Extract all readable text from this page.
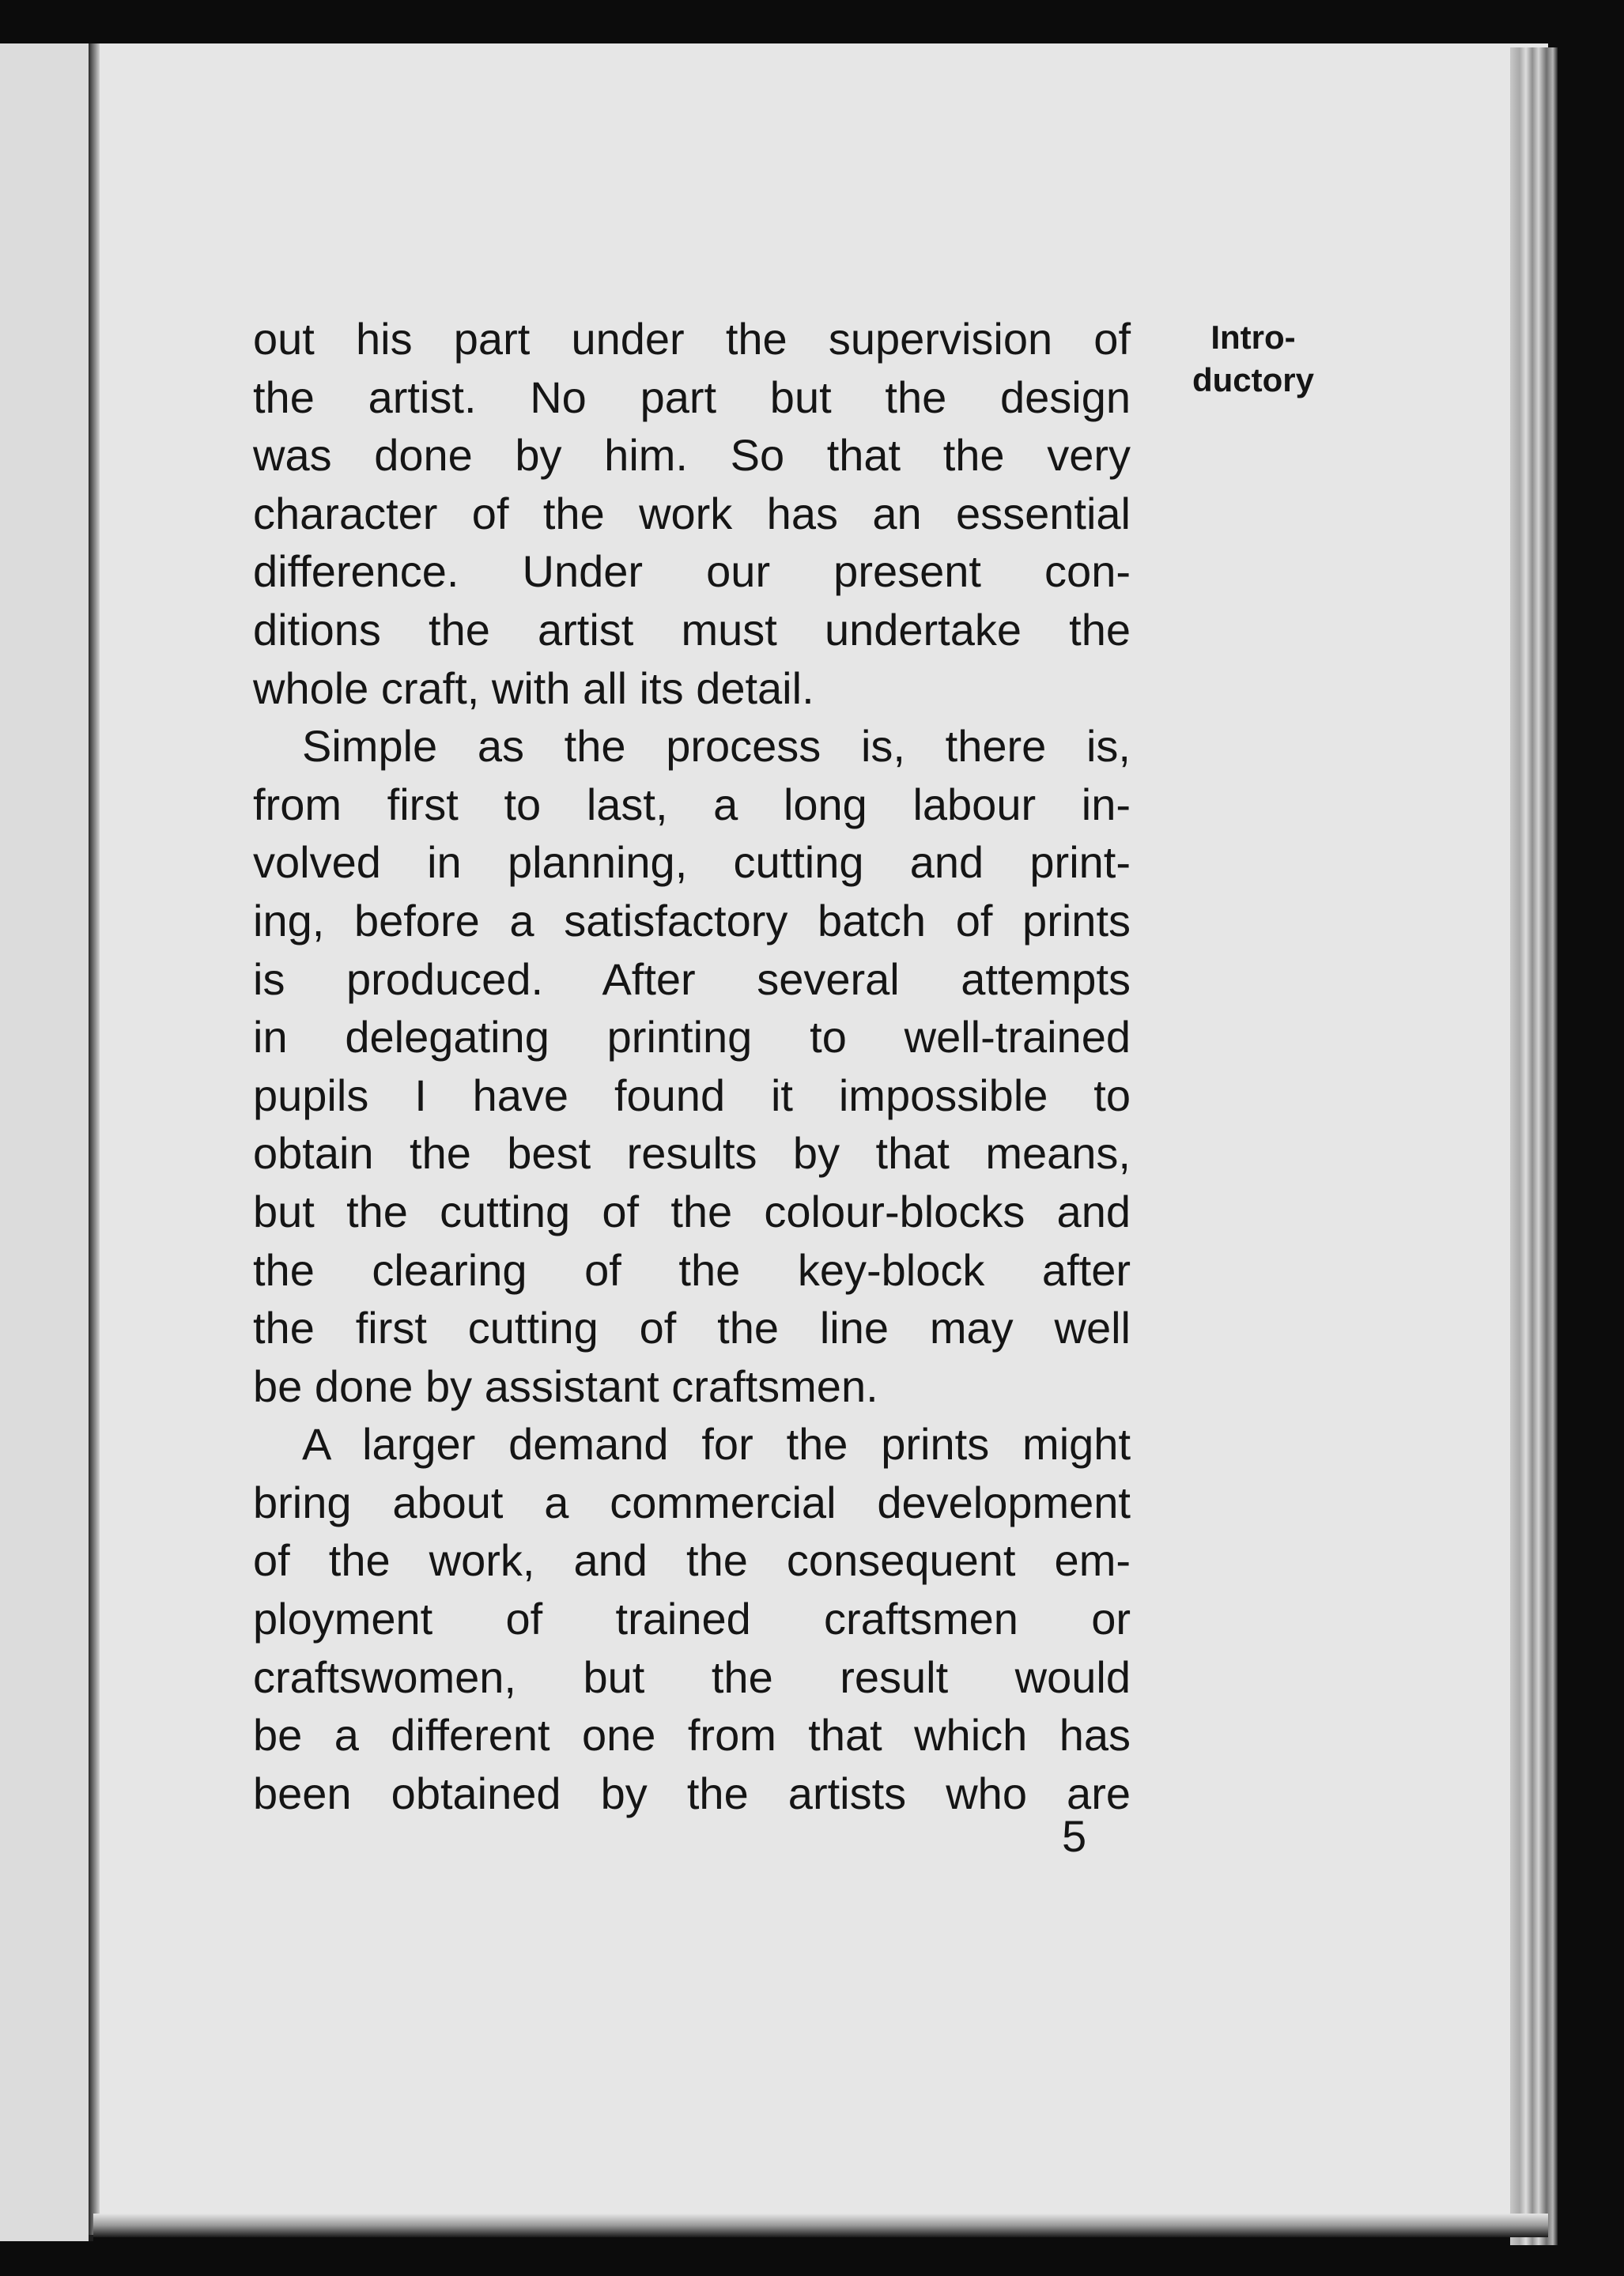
out his part under the supervision of
the artist. No part but the design
was done by him. So that the very
character of the work has an essential
difference. Under our present con-
ditions the artist must undertake the
whole craft, with all its detail.
Simple as the process is, there is,
from first to last, a long labour in-
volved in planning, cutting and print-
ing, before a satisfactory batch of prints
is produced. After several attempts
in delegating printing to well-trained
pupils I have found it impossible to
obtain the best results by that means,
but the cutting of the colour-blocks and
the clearing of the key-block after
the first cutting of the line may well
be done by assistant craftsmen.
A larger demand for the prints might
bring about a commercial development
of the work, and the consequent em-
ployment of trained craftsmen or
craftswomen, but the result would
be a different one from that which has
been obtained by the artists who are
Intro-
ductory
5
